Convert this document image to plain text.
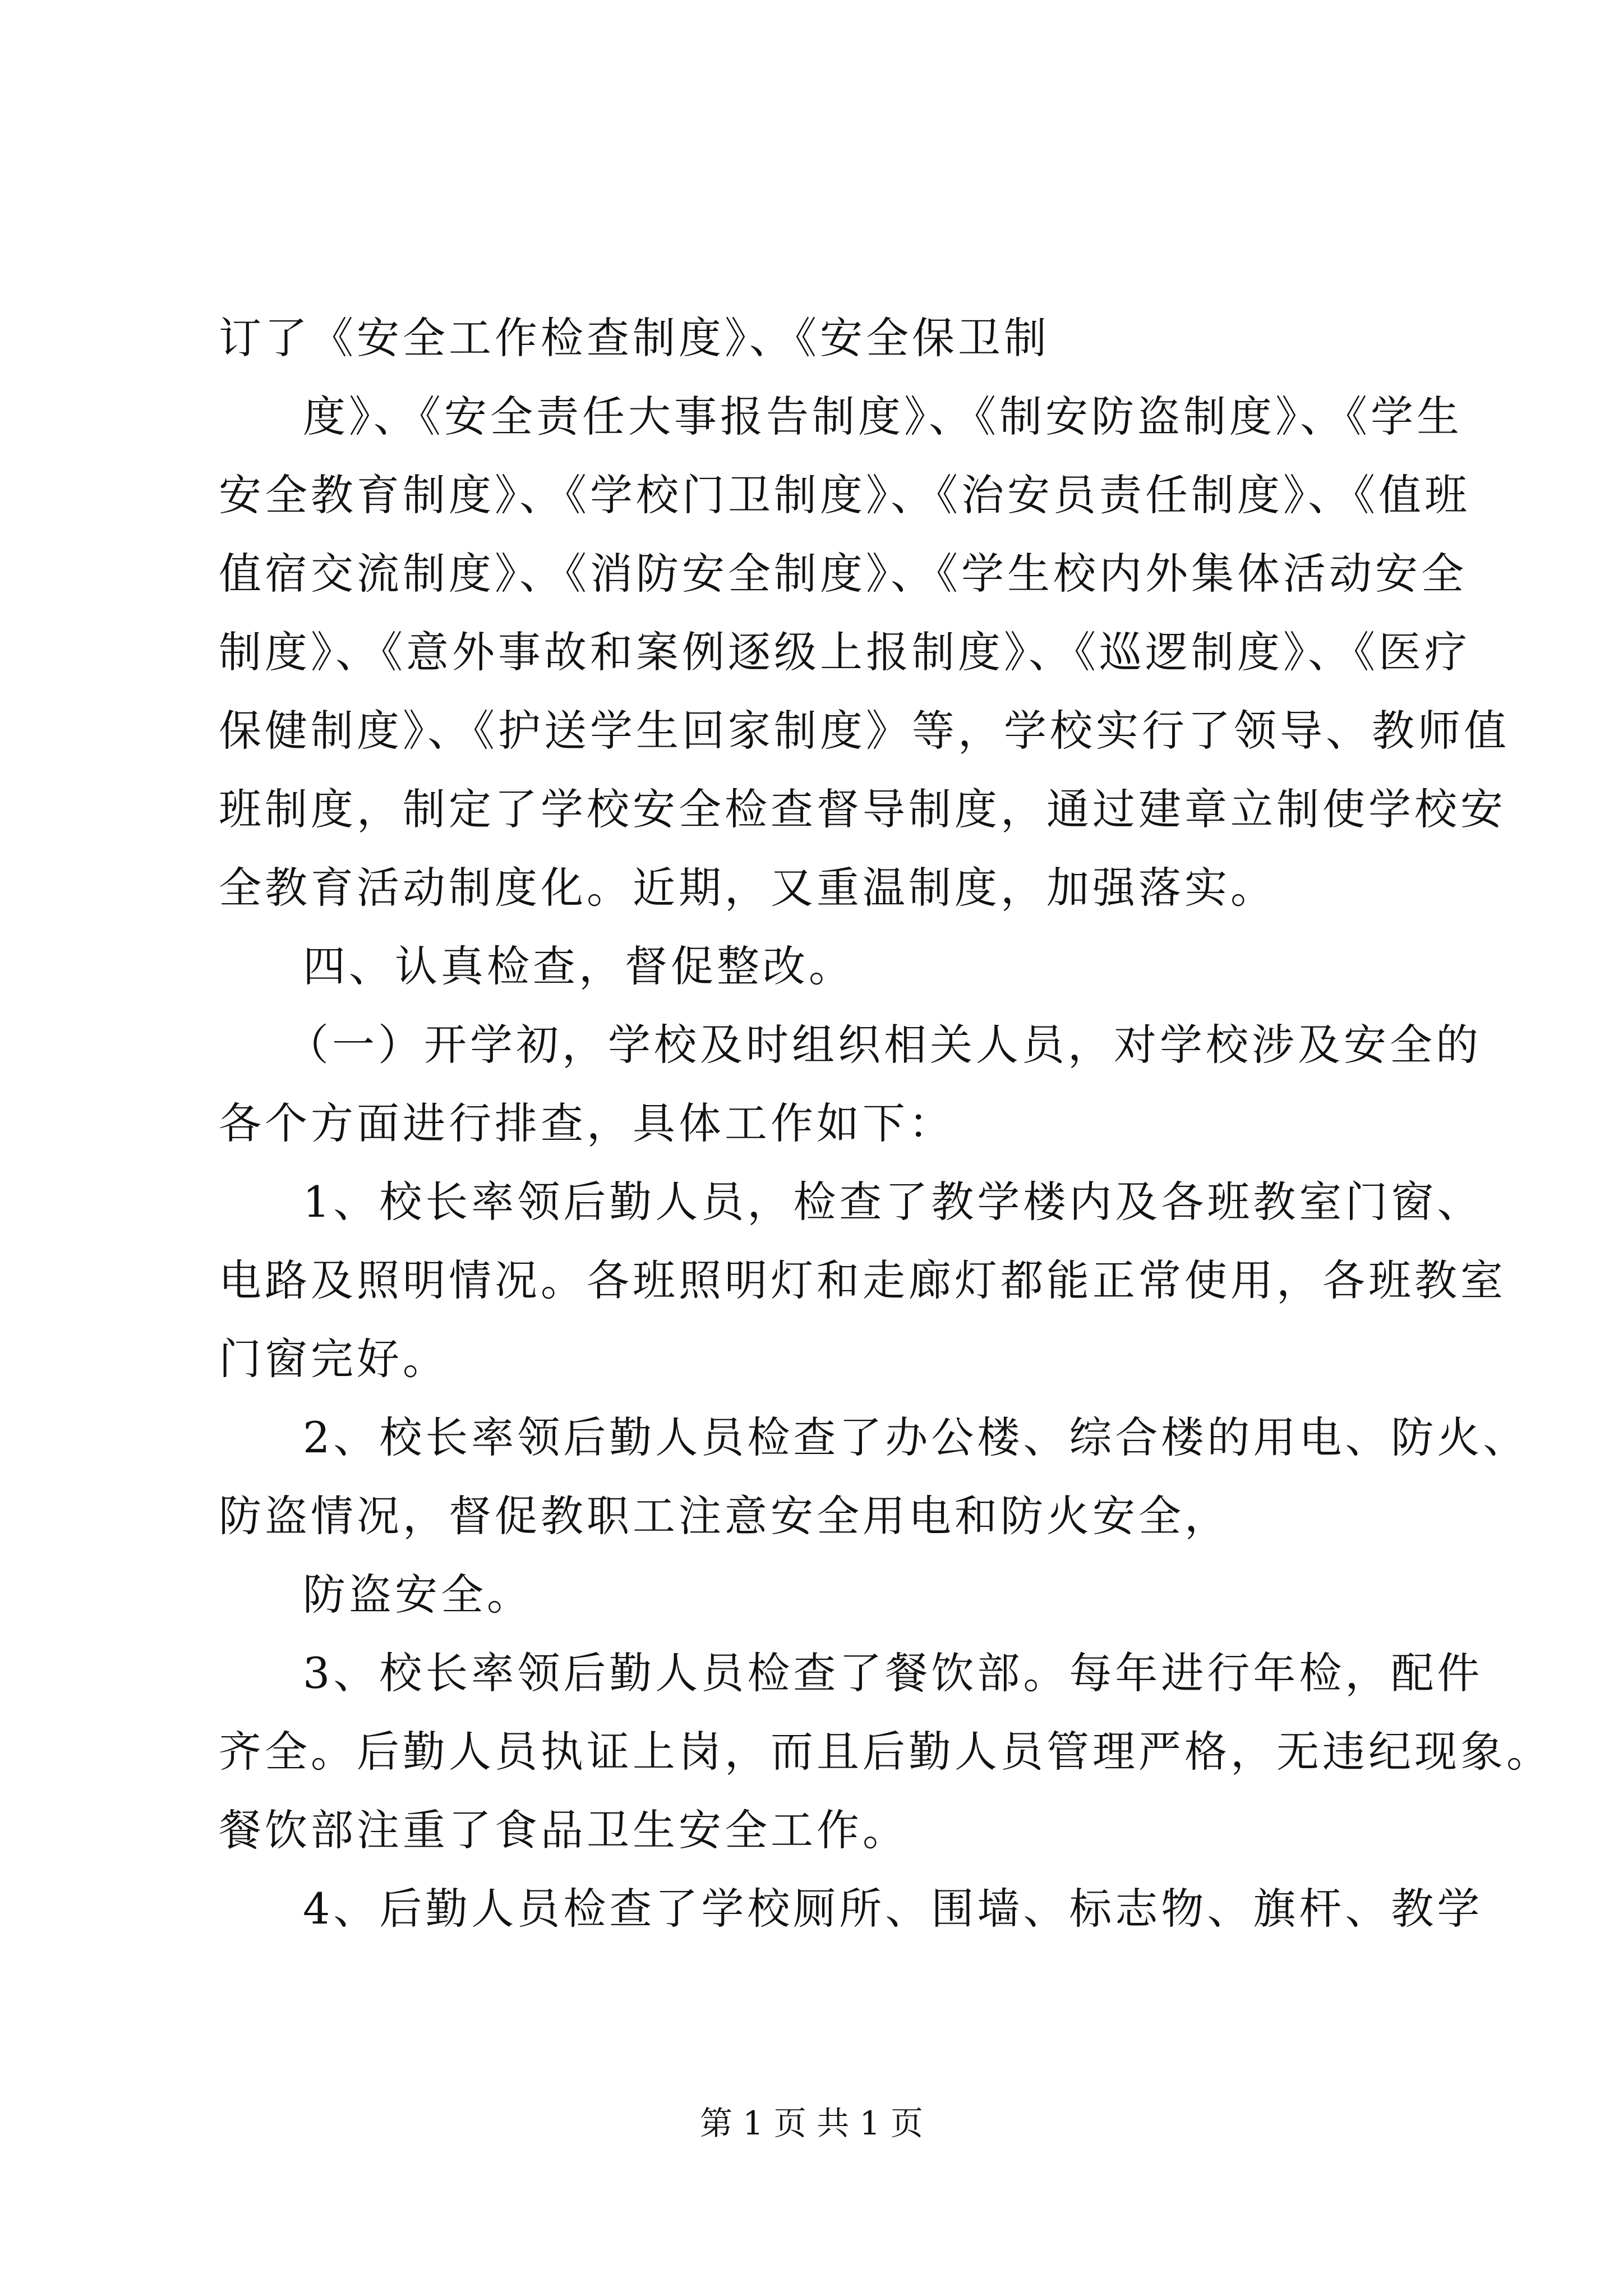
订了《安全工作检查制度》、《安全保卫制
度》、《安全责任大事报告制度》、《制安防盗制度》、《学生
安全教育制度》、《学校门卫制度》、《治安员责任制度》、《值班
值宿交流制度》、《消防安全制度》、《学生校内外集体活动安全
制度》、《意外事故和案例逐级上报制度》、《巡逻制度》、《医疗
保健制度》、《护送学生回家制度》等，学校实行了领导、教师值
班制度，制定了学校安全检查督导制度，通过建章立制使学校安
全教育活动制度化。近期，又重温制度，加强落实。
四、认真检查，督促整改。
（一）开学初，学校及时组织相关人员，对学校涉及安全的
各个方面进行排查，具体工作如下：
1、校长率领后勤人员，检查了教学楼内及各班教室门窗、
电路及照明情况。各班照明灯和走廊灯都能正常使用，各班教室
门窗完好。
2、校长率领后勤人员检查了办公楼、综合楼的用电、防火、
防盗情况，督促教职工注意安全用电和防火安全，
防盗安全。
3、校长率领后勤人员检查了餐饮部。每年进行年检，配件
齐全。后勤人员执证上岗，而且后勤人员管理严格，无违纪现象。
餐饮部注重了食品卫生安全工作。
4、后勤人员检查了学校厕所、围墙、标志物、旗杆、教学
第 1 页 共 1 页
